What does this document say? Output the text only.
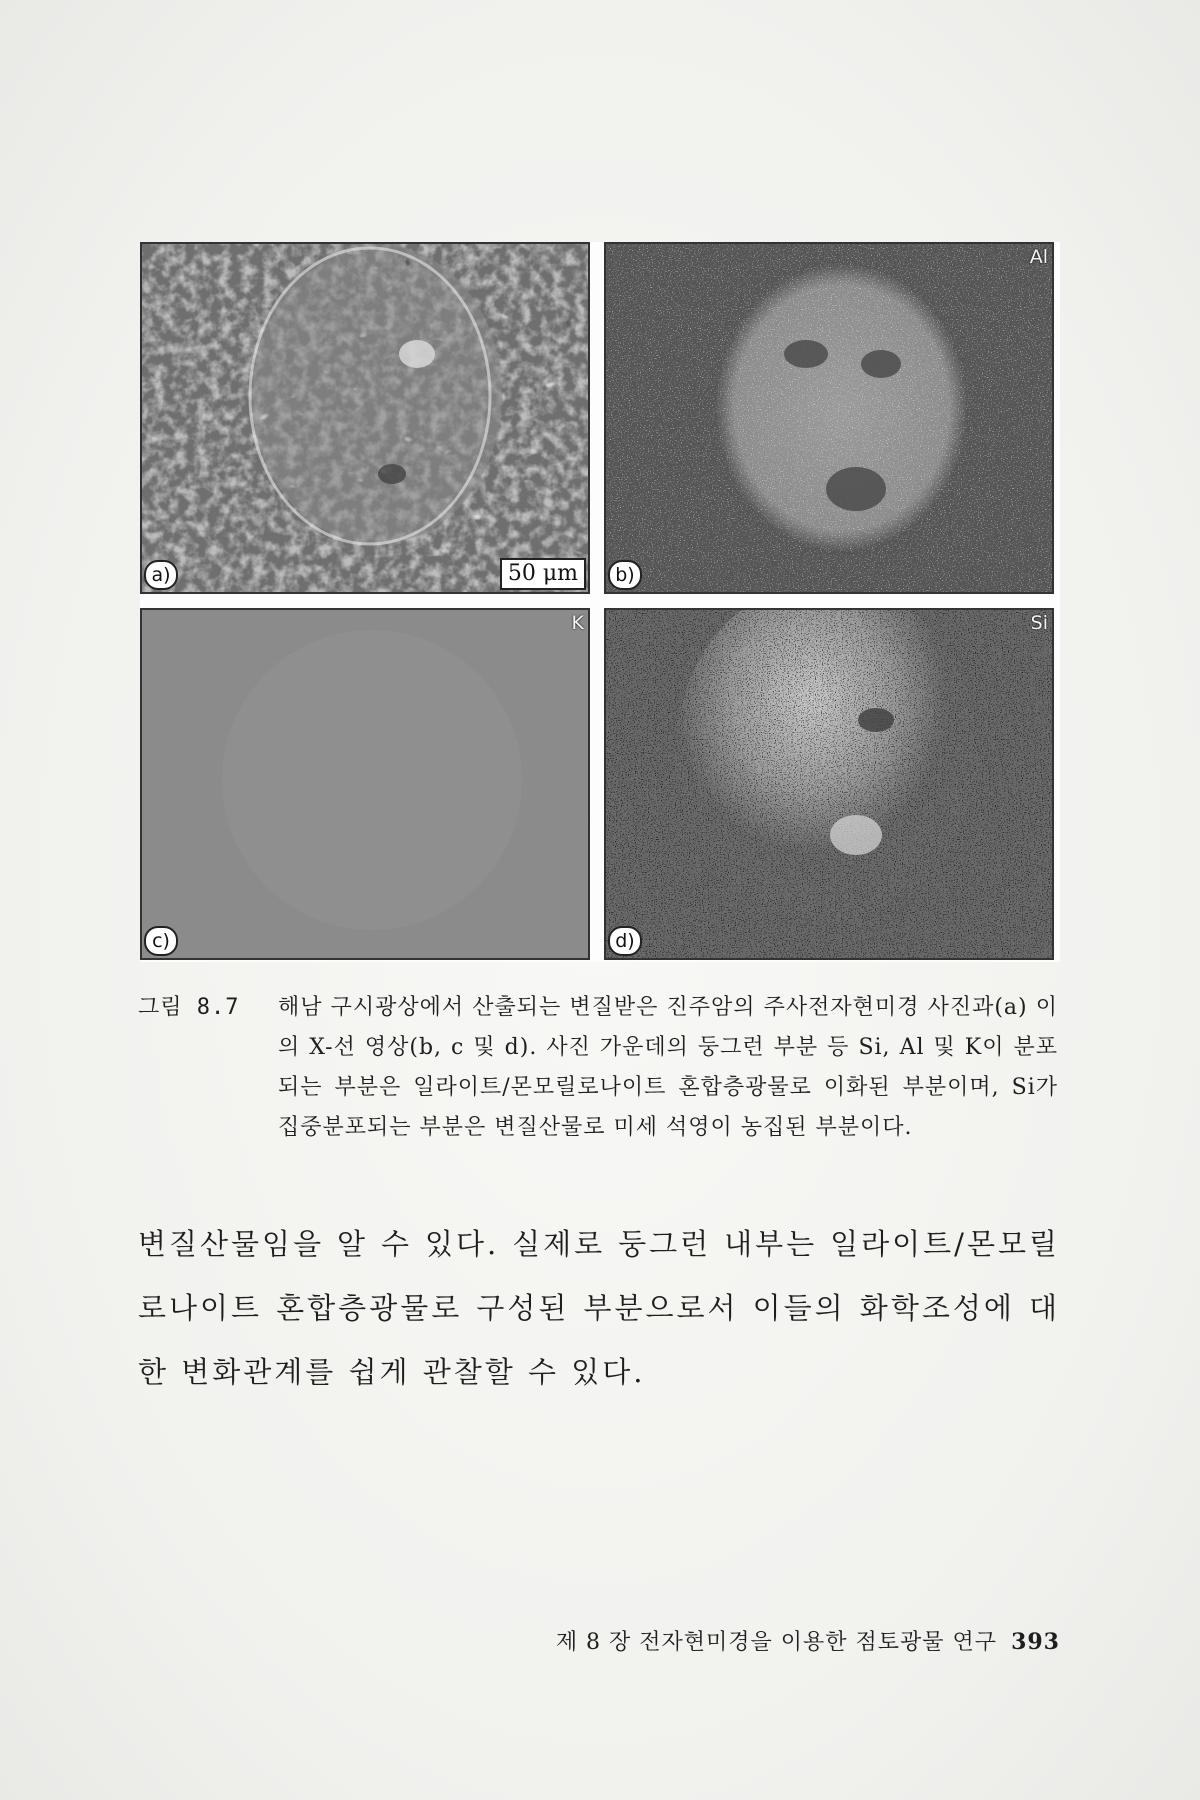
a)	50 μm
Al
b)
K
c)
Si
d)
그림 8.7	해남 구시광상에서 산출되는 변질받은 진주암의 주사전자현미경 사진과(a) 이의 X-선 영상(b, c 및 d). 사진 가운데의 둥그런 부분 등 Si, Al 및 K이 분포되는 부분은 일라이트/몬모릴로나이트 혼합층광물로 이화된 부분이며, Si가 집중분포되는 부분은 변질산물로 미세 석영이 농집된 부분이다.
변질산물임을 알 수 있다. 실제로 둥그런 내부는 일라이트/몬모릴로나이트 혼합층광물로 구성된 부분으로서 이들의 화학조성에 대한 변화관계를 쉽게 관찰할 수 있다.
제 8 장 전자현미경을 이용한 점토광물 연구 393
